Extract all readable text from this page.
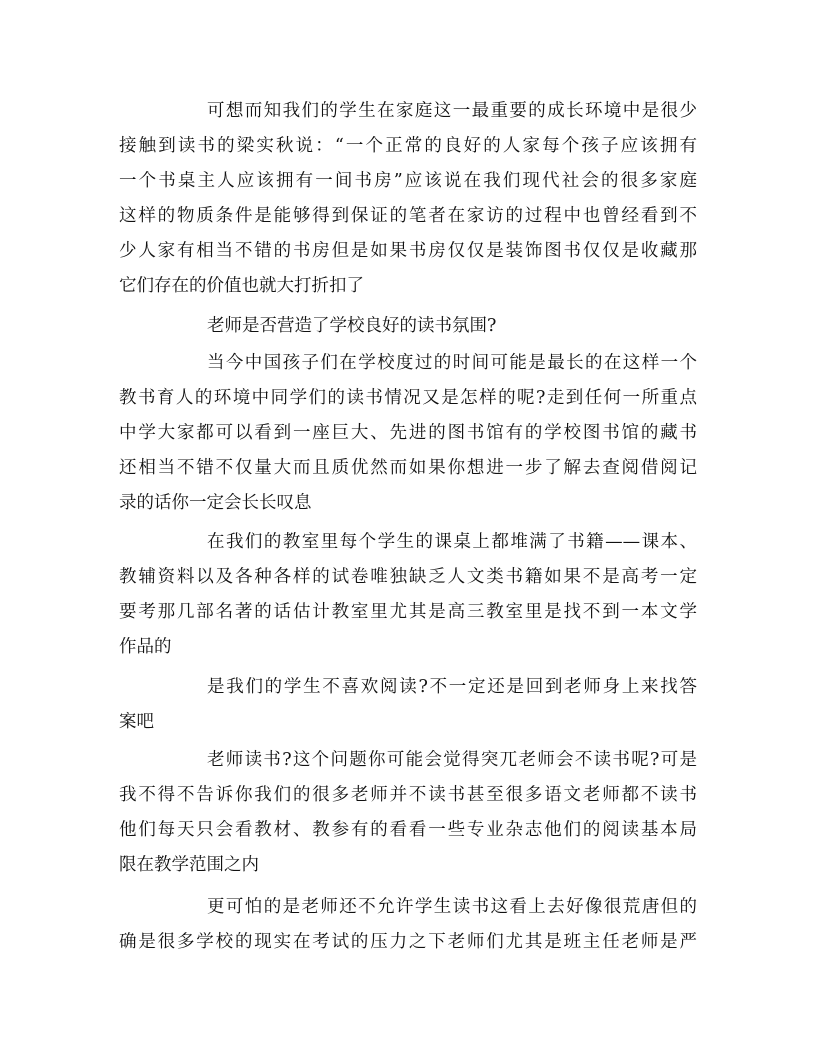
可想而知我们的学生在家庭这一最重要的成长环境中是很少
接触到读书的梁实秋说：“一个正常的良好的人家每个孩子应该拥有
一个书桌主人应该拥有一间书房”应该说在我们现代社会的很多家庭
这样的物质条件是能够得到保证的笔者在家访的过程中也曾经看到不
少人家有相当不错的书房但是如果书房仅仅是装饰图书仅仅是收藏那
它们存在的价值也就大打折扣了
老师是否营造了学校良好的读书氛围?
当今中国孩子们在学校度过的时间可能是最长的在这样一个
教书育人的环境中同学们的读书情况又是怎样的呢?走到任何一所重点
中学大家都可以看到一座巨大、先进的图书馆有的学校图书馆的藏书
还相当不错不仅量大而且质优然而如果你想进一步了解去查阅借阅记
录的话你一定会长长叹息
在我们的教室里每个学生的课桌上都堆满了书籍——课本、
教辅资料以及各种各样的试卷唯独缺乏人文类书籍如果不是高考一定
要考那几部名著的话估计教室里尤其是高三教室里是找不到一本文学
作品的
是我们的学生不喜欢阅读?不一定还是回到老师身上来找答
案吧
老师读书?这个问题你可能会觉得突兀老师会不读书呢?可是
我不得不告诉你我们的很多老师并不读书甚至很多语文老师都不读书
他们每天只会看教材、教参有的看看一些专业杂志他们的阅读基本局
限在教学范围之内
更可怕的是老师还不允许学生读书这看上去好像很荒唐但的
确是很多学校的现实在考试的压力之下老师们尤其是班主任老师是严
